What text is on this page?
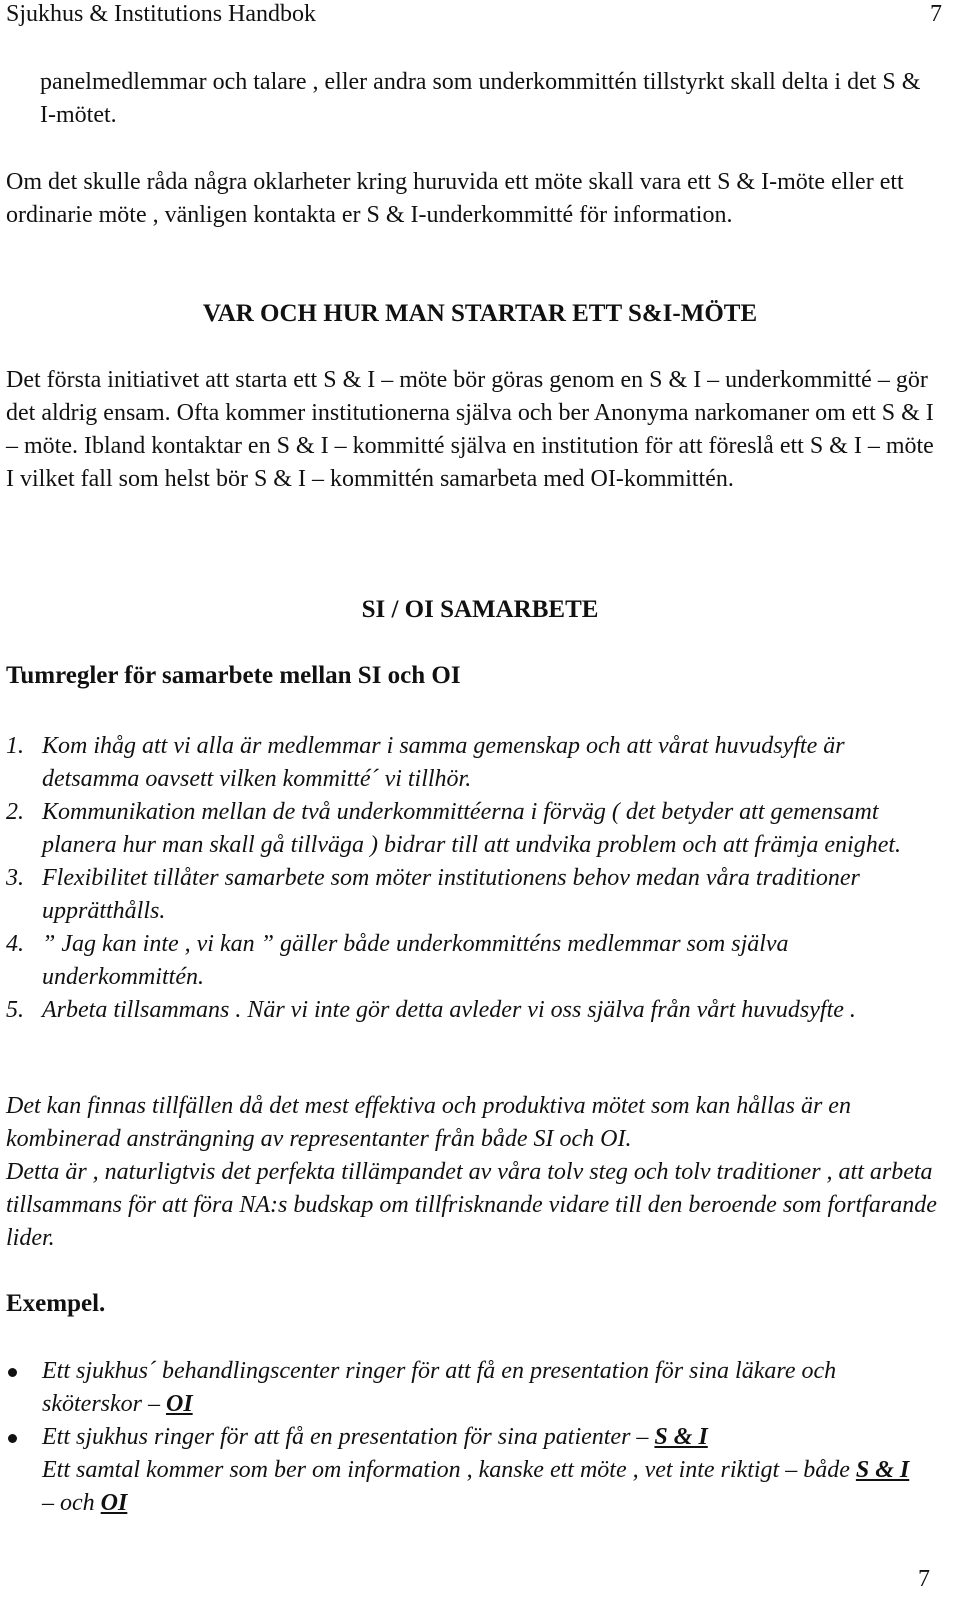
Sjukhus & Institutions Handbok	7

panelmedlemmar och talare , eller andra som underkommittén tillstyrkt skall delta i det S & I-mötet.

Om det skulle råda några oklarheter kring huruvida ett möte skall vara ett S & I-möte eller ett ordinarie möte , vänligen kontakta er S & I-underkommitté för information.

VAR OCH HUR MAN STARTAR ETT S&I-MÖTE

Det första initiativet att starta ett S & I – möte bör göras genom en S & I – underkommitté – gör det aldrig ensam. Ofta kommer institutionerna själva och ber Anonyma narkomaner om ett S & I – möte. Ibland kontaktar en S & I – kommitté själva en institution för att föreslå ett S & I – möte I vilket fall som helst bör S & I – kommittén samarbeta med OI-kommittén.

SI / OI SAMARBETE
Tumregler för samarbete mellan SI och OI
1. Kom ihåg att vi alla är medlemmar i samma gemenskap och att vårat huvudsyfte är detsamma oavsett vilken kommitté´ vi tillhör.
2. Kommunikation mellan de två underkommittéerna i förväg ( det betyder att gemensamt planera hur man skall gå tillväga ) bidrar till att undvika problem och att främja enighet.
3. Flexibilitet tillåter samarbete som möter institutionens behov medan våra traditioner upprätthålls.
4. ” Jag kan inte , vi kan ” gäller både underkommitténs medlemmar som själva underkommittén.
5. Arbeta tillsammans . När vi inte gör detta avleder vi oss själva från vårt huvudsyfte .

Det kan finnas tillfällen då det mest effektiva och produktiva mötet som kan hållas är en kombinerad ansträngning av representanter från både SI och OI.

Detta är , naturligtvis det perfekta tillämpandet av våra tolv steg och tolv traditioner , att arbeta tillsammans för att föra NA:s budskap om tillfrisknande vidare till den beroende som fortfarande lider.

Exempel.
Ett sjukhus´ behandlingscenter ringer för att få en presentation för sina läkare och sköterskor – OI
Ett sjukhus ringer för att få en presentation för sina patienter – S & I
Ett samtal kommer som ber om information , kanske ett möte , vet inte riktigt – både S & I – och OI
7
